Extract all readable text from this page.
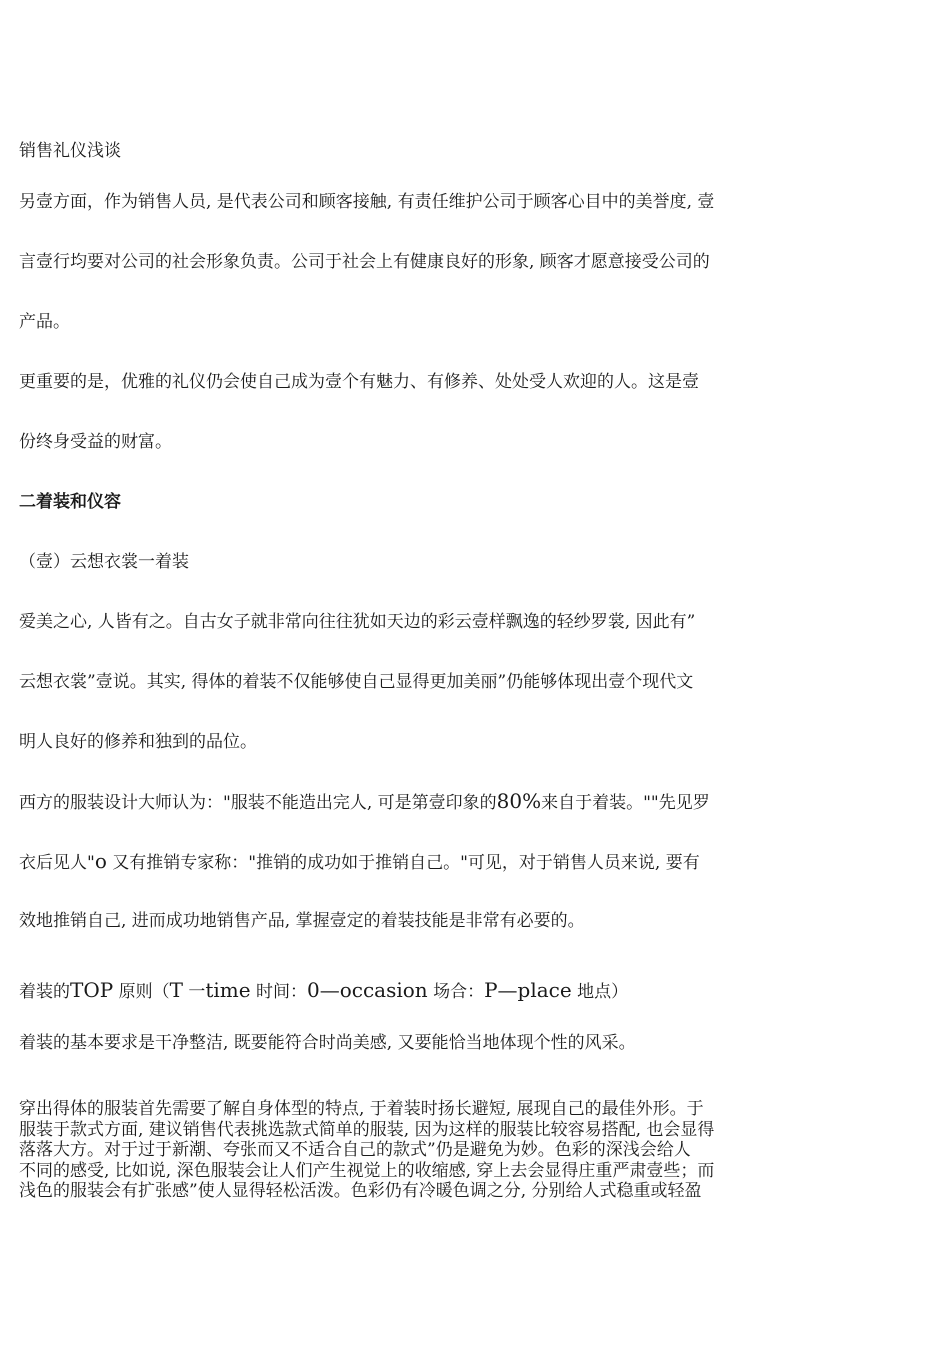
销售礼仪浅谈
另壹方面，作为销售人员, 是代表公司和顾客接触, 有责任维护公司于顾客心目中的美誉度, 壹
言壹行均要对公司的社会形象负责。公司于社会上有健康良好的形象, 顾客才愿意接受公司的
产品。
更重要的是，优雅的礼仪仍会使自己成为壹个有魅力、有修养、处处受人欢迎的人。这是壹
份终身受益的财富。
二着装和仪容
（壹）云想衣裳一着装
爱美之心, 人皆有之。自古女子就非常向往往犹如天边的彩云壹样飘逸的轻纱罗裳, 因此有”
云想衣裳”壹说。其实, 得体的着装不仅能够使自己显得更加美丽”仍能够体现出壹个现代文
明人良好的修养和独到的品位。
西方的服装设计大师认为："服装不能造出完人, 可是第壹印象的80%来自于着装。""先见罗
衣后见人"o 又有推销专家称："推销的成功如于推销自己。"可见，对于销售人员来说, 要有
效地推销自己, 进而成功地销售产品, 掌握壹定的着装技能是非常有必要的。
着装的TOP 原则（T 一time 时间：0—occasion 场合：P—place 地点）
着装的基本要求是干净整洁, 既要能符合时尚美感, 又要能恰当地体现个性的风采。
穿出得体的服装首先需要了解自身体型的特点, 于着装时扬长避短, 展现自己的最佳外形。于
服装于款式方面, 建议销售代表挑选款式简单的服装, 因为这样的服装比较容易搭配, 也会显得
落落大方。对于过于新潮、夸张而又不适合自己的款式”仍是避免为妙。色彩的深浅会给人
不同的感受, 比如说, 深色服装会让人们产生视觉上的收缩感, 穿上去会显得庄重严肃壹些；而
浅色的服装会有扩张感”使人显得轻松活泼。色彩仍有冷暖色调之分, 分别给人式稳重或轻盈
